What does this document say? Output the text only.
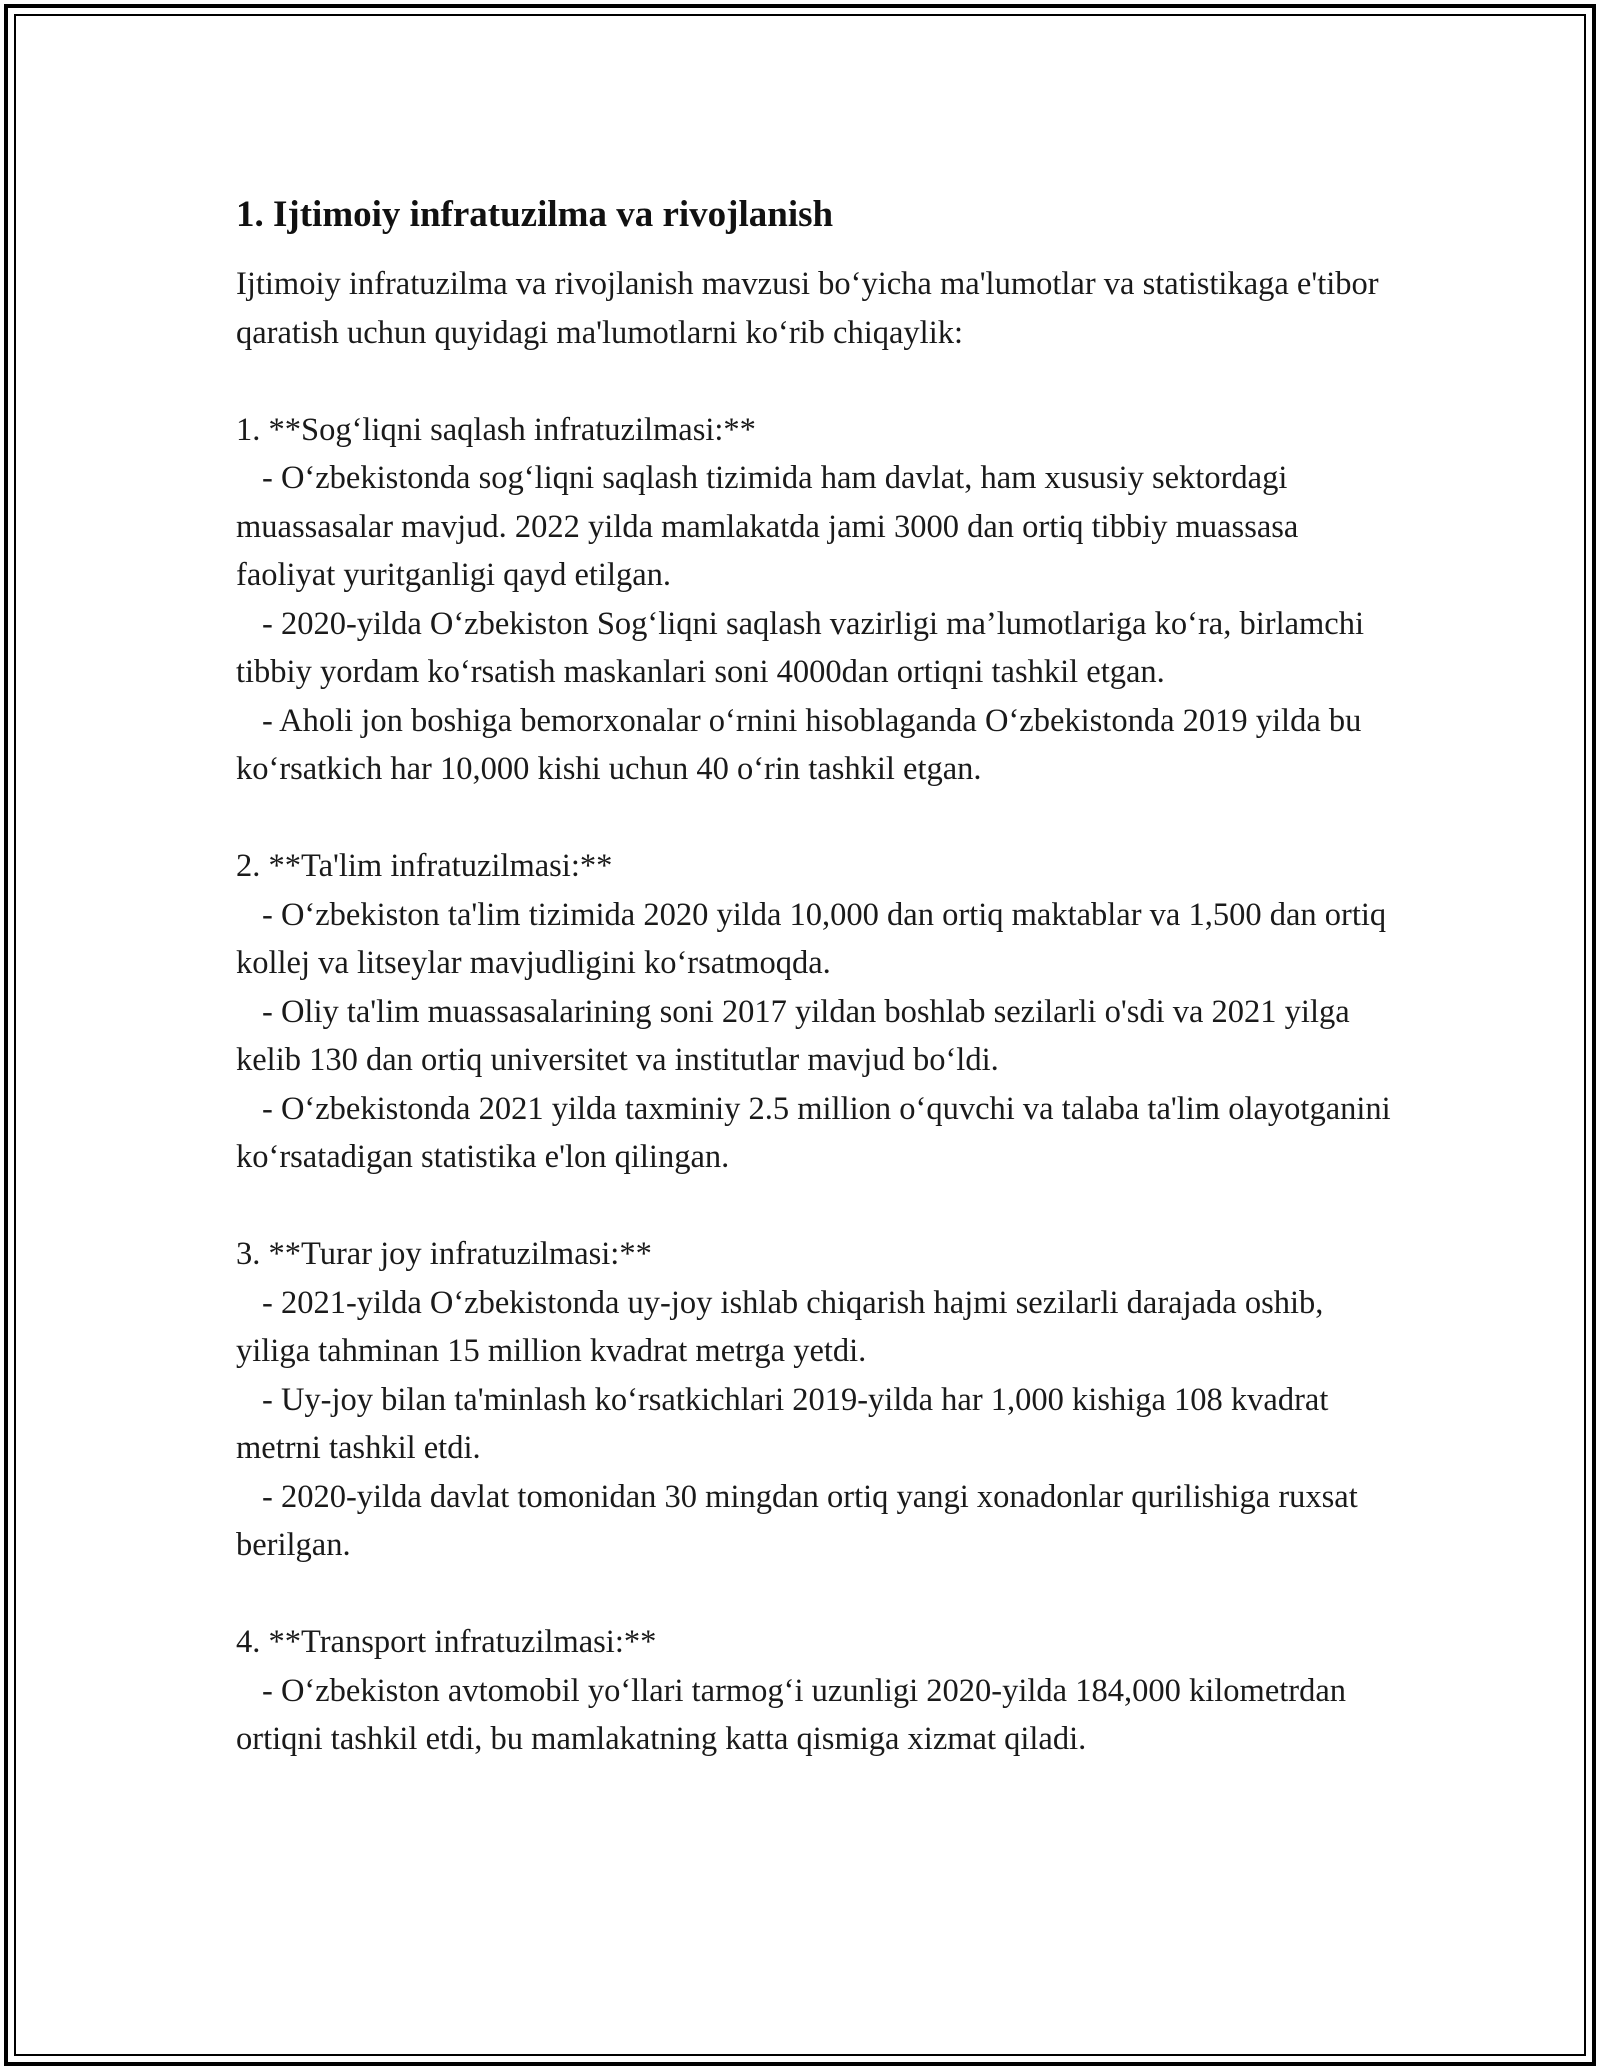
1. Ijtimoiy infratuzilma va rivojlanish

Ijtimoiy infratuzilma va rivojlanish mavzusi bo‘yicha ma'lumotlar va statistikaga e'tibor qaratish uchun quyidagi ma'lumotlarni ko‘rib chiqaylik:

1. **Sog‘liqni saqlash infratuzilmasi:**

- O‘zbekistonda sog‘liqni saqlash tizimida ham davlat, ham xususiy sektordagi muassasalar mavjud. 2022 yilda mamlakatda jami 3000 dan ortiq tibbiy muassasa faoliyat yuritganligi qayd etilgan.

- 2020-yilda O‘zbekiston Sog‘liqni saqlash vazirligi ma’lumotlariga ko‘ra, birlamchi tibbiy yordam ko‘rsatish maskanlari soni 4000dan ortiqni tashkil etgan.

- Aholi jon boshiga bemorxonalar o‘rnini hisoblaganda O‘zbekistonda 2019 yilda bu ko‘rsatkich har 10,000 kishi uchun 40 o‘rin tashkil etgan.

2. **Ta'lim infratuzilmasi:**

- O‘zbekiston ta'lim tizimida 2020 yilda 10,000 dan ortiq maktablar va 1,500 dan ortiq kollej va litseylar mavjudligini ko‘rsatmoqda.

- Oliy ta'lim muassasalarining soni 2017 yildan boshlab sezilarli o'sdi va 2021 yilga kelib 130 dan ortiq universitet va institutlar mavjud bo‘ldi.

- O‘zbekistonda 2021 yilda taxminiy 2.5 million o‘quvchi va talaba ta'lim olayotganini ko‘rsatadigan statistika e'lon qilingan.

3. **Turar joy infratuzilmasi:**

- 2021-yilda O‘zbekistonda uy-joy ishlab chiqarish hajmi sezilarli darajada oshib, yiliga tahminan 15 million kvadrat metrga yetdi.

- Uy-joy bilan ta'minlash ko‘rsatkichlari 2019-yilda har 1,000 kishiga 108 kvadrat metrni tashkil etdi.

- 2020-yilda davlat tomonidan 30 mingdan ortiq yangi xonadonlar qurilishiga ruxsat berilgan.

4. **Transport infratuzilmasi:**

- O‘zbekiston avtomobil yo‘llari tarmog‘i uzunligi 2020-yilda 184,000 kilometrdan ortiqni tashkil etdi, bu mamlakatning katta qismiga xizmat qiladi.
